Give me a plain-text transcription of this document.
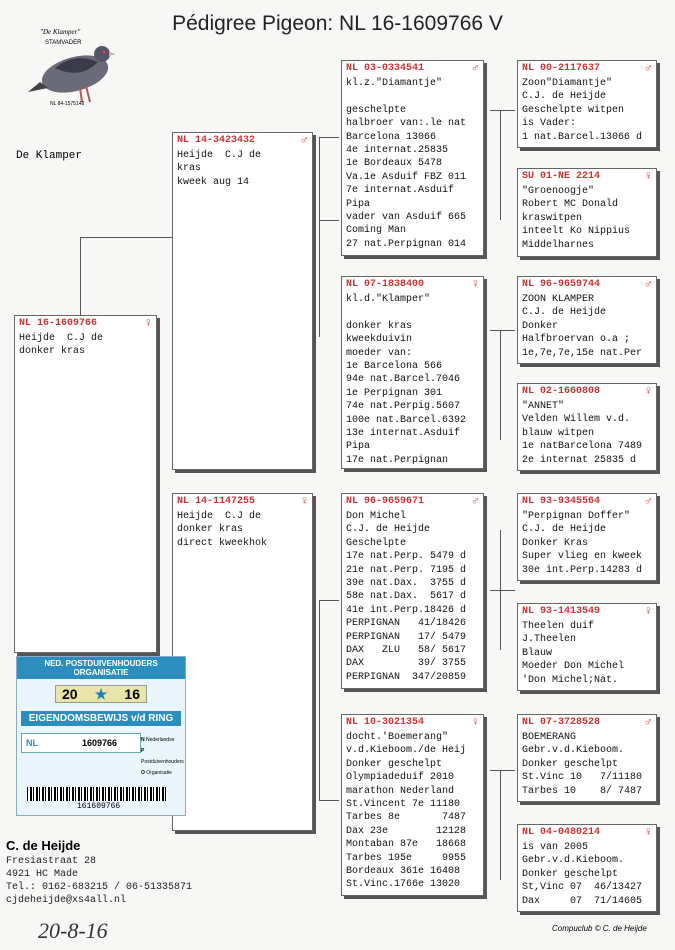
Pédigree Pigeon: NL 16-1609766 V
"De Klamper"
STAMVADER
NL 84-1575148
De Klamper
NL 16-1609766	♀
Heijde  C.J de
donker kras
NL 14-3423432	♂
Heijde  C.J de
kras
kweek aug 14
NL 14-1147255	♀
Heijde  C.J de
donker kras
direct kweekhok
NL 03-0334541	♂
kl.z."Diamantje"

geschelpte
halbroer van:.le nat
Barcelona 13066
4e internat.25835
1e Bordeaux 5478
Va.1e Asduif FBZ 011
7e internat.Asduif
Pipa
vader van Asduif 665
Coming Man
27 nat.Perpignan 014
NL 07-1838400	♀
kl.d."Klamper"

donker kras
kweekduivin
moeder van:
1e Barcelona 566
94e nat.Barcel.7046
1e Perpignan 301
74e nat.Perpig.5607
100e nat.Barcel.6392
13e internat.Asduif
Pipa
17e nat.Perpignan
NL 96-9659671	♂
Don Michel
C.J. de Heijde
Geschelpte
17e nat.Perp. 5479 d
21e nat.Perp. 7195 d
39e nat.Dax.  3755 d
58e nat.Dax.  5617 d
41e int.Perp.18426 d
PERPIGNAN   41/18426
PERPIGNAN   17/ 5479
DAX   ZLU   58/ 5617
DAX         39/ 3755
PERPIGNAN  347/20859
NL 10-3021354	♀
docht.'Boemerang"
v.d.Kieboom./de Heij
Donker geschelpt
Olympiadeduif 2010
marathon Nederland
St.Vincent 7e 11180
Tarbes 8e       7487
Dax 23e        12128
Montaban 87e   18668
Tarbes 195e     9955
Bordeaux 361e 16408
St.Vinc.1766e 13020
NL 00-2117637	♂
Zoon"Diamantje"
C.J. de Heijde
Geschelpte witpen
is Vader:
1 nat.Barcel.13066 d
SU 01-NE 2214	♀
"Groenoogje"
Robert MC Donald
kraswitpen
inteelt Ko Nippius
Middelharnes
NL 96-9659744	♂
ZOON KLAMPER
C.J. de Heijde
Donker
Halfbroervan o.a ;
1e,7e,7e,15e nat.Per
NL 02-1660808	♀
"ANNET"
Velden Willem v.d.
blauw witpen
1e natBarcelona 7489
2e internat 25835 d
NL 93-9345564	♂
"Perpignan Doffer"
C.J. de Heijde
Donker Kras
Super vlieg en kweek
30e int.Perp.14283 d
NL 93-1413549	♀
Theelen duif
J.Theelen
Blauw
Moeder Don Michel
'Don Michel;Nat.
NL 07-3728528	♂
BOEMERANG
Gebr.v.d.Kieboom.
Donker geschelpt
St.Vinc 10   7/11180
Tarbes 10    8/ 7487
NL 04-0480214	♀
is van 2005
Gebr.v.d.Kieboom.
Donker geschelpt
St,Vinc 07  46/13427
Dax     07  71/14605
NED. POSTDUIVENHOUDERS ORGANISATIE
20 ★ 16
EIGENDOMSBEWIJS v/d RING
NL	1609766	N Nederlandse
P Postduivenhouders
O Organisatie
161609766
C. de Heijde
Fresiastraat 28
4921 HC Made
Tel.: 0162-683215 / 06-51335871
cjdeheijde@xs4all.nl
20-8-16	Compuclub © C. de Heijde
